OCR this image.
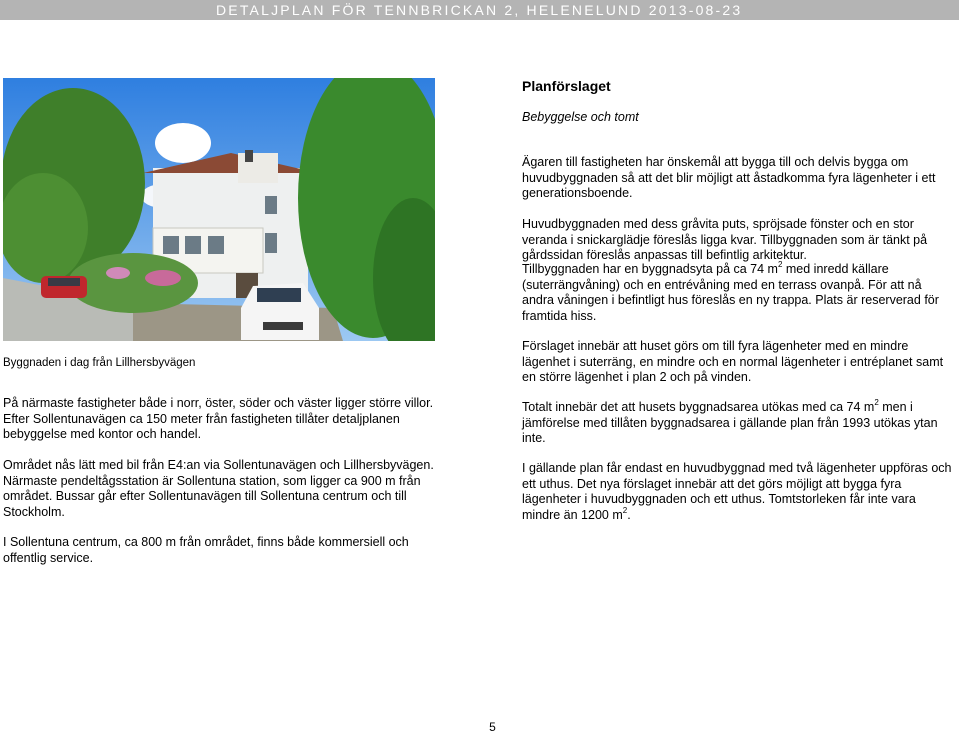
DETALJPLAN FÖR TENNBRICKAN 2, HELENELUND 2013-08-23
Byggnaden i dag från Lillhersbyvägen
På närmaste fastigheter både i norr, öster, söder och väster ligger större villor. Efter Sollentunavägen ca 150 meter från fastigheten tillåter detaljplanen bebyggelse med kontor och handel.
Området nås lätt med bil från E4:an via Sollentunavägen och Lillhersbyvägen. Närmaste pendeltågsstation är Sollentuna station, som ligger ca 900 m från området. Bussar går efter Sollentunavägen till Sollentuna centrum och till Stockholm.
I Sollentuna centrum, ca 800 m från området, finns både kommersiell och offentlig service.
Planförslaget
Bebyggelse och tomt
Ägaren till fastigheten har önskemål att bygga till och delvis bygga om huvudbyggnaden så att det blir möjligt att åstadkomma fyra lägenheter i ett generationsboende.
Huvudbyggnaden med dess gråvita puts, spröjsade fönster och en stor veranda i snickarglädje föreslås ligga kvar. Tillbyggnaden som är tänkt på gårdssidan föreslås anpassas till befintlig arkitektur.
Tillbyggnaden har en byggnadsyta på ca 74 $m^2$ med inredd källare (suterrängvåning) och en entrévåning med en terrass ovanpå. För att nå andra våningen i befintligt hus föreslås en ny trappa. Plats är reserverad för framtida hiss.
Förslaget innebär att huset görs om till fyra lägenheter med en mindre lägenhet i suterräng, en mindre och en normal lägenheter i entréplanet samt en större lägenhet i plan 2 och på vinden.
Totalt innebär det att husets byggnadsarea utökas med ca 74 $m^2$ men i jämförelse med tillåten byggnadsarea i gällande plan från 1993 utökas ytan inte.
I gällande plan får endast en huvudbyggnad med två lägenheter uppföras och ett uthus. Det nya förslaget innebär att det görs möjligt att bygga fyra lägenheter i huvudbyggnaden och ett uthus. Tomtstorleken får inte vara mindre än 1200 $m^2$.
5
